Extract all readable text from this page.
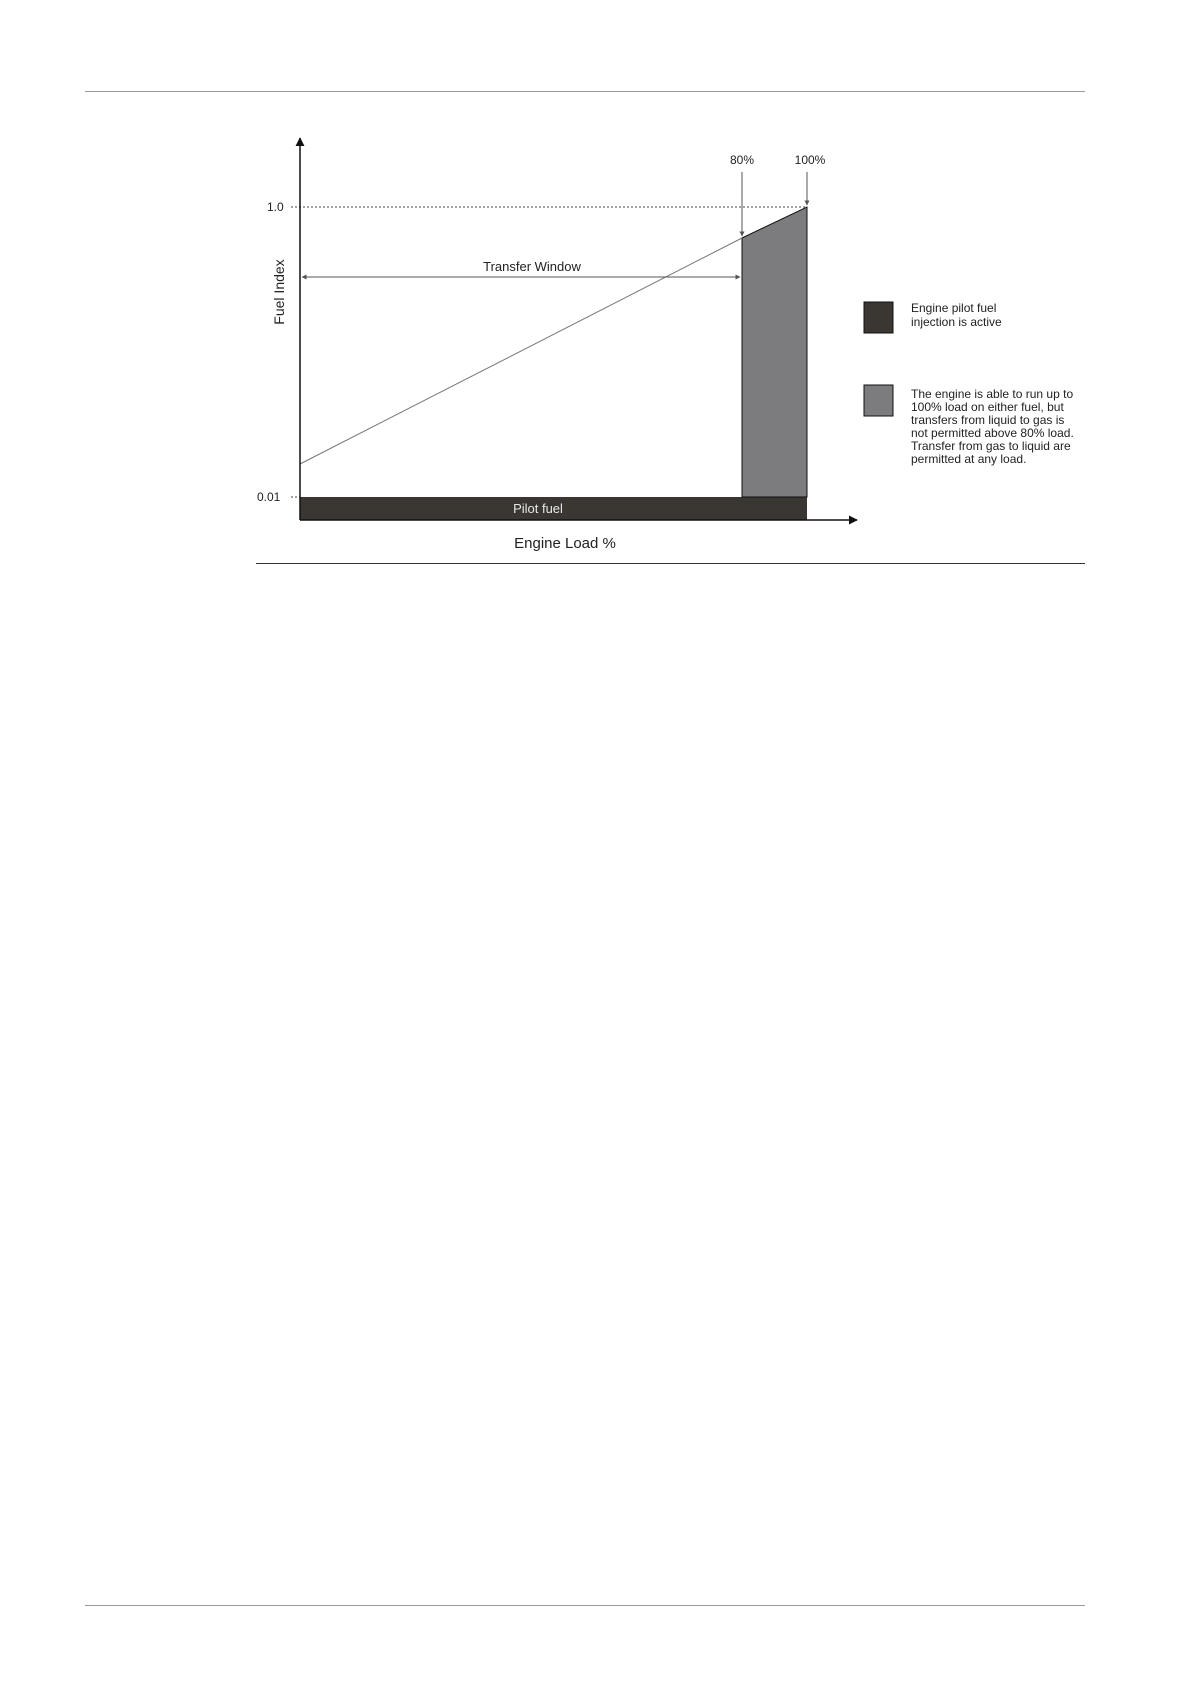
Pilot fuel
Transfer Window
1.0
0.01
Fuel Index
Engine Load %
80%	100%
Engine pilot fuel
injection is active
The engine is able to run up to
100% load on either fuel, but
transfers from liquid to gas is
not permitted above 80% load.
Transfer from gas to liquid are
permitted at any load.
